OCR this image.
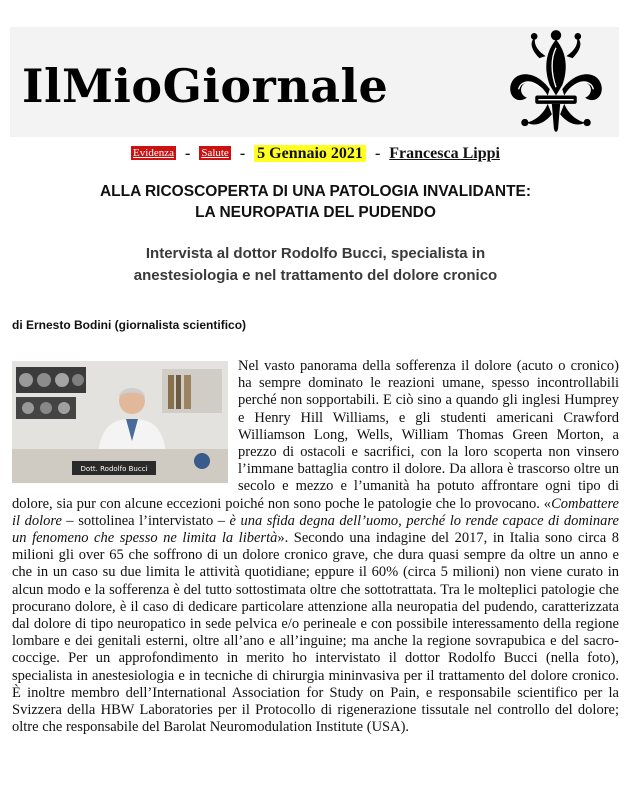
IlMioGiornale
Evidenza - Salute - 5 Gennaio 2021 - Francesca Lippi
ALLA RICOSCOPERTA DI UNA PATOLOGIA INVALIDANTE:
LA NEUROPATIA DEL PUDENDO
Intervista al dottor Rodolfo Bucci, specialista in
anestesiologia e nel trattamento del dolore cronico
di Ernesto Bodini (giornalista scientifico)
Dott. Rodolfo Bucci

Nel vasto panorama della sofferenza il dolore (acuto o cronico) ha sempre dominato le reazioni umane, spesso incontrollabili perché non sopportabili. E ciò sino a quando gli inglesi Humprey e Henry Hill Williams, e gli studenti americani Crawford Williamson Long, Wells, William Thomas Green Morton, a prezzo di ostacoli e sacrifici, con la loro scoperta non vinsero l’immane battaglia contro il dolore. Da allora è trascorso oltre un secolo e mezzo e l’umanità ha potuto affrontare ogni tipo di dolore, sia pur con alcune eccezioni poiché non sono poche le patologie che lo provocano. «Combattere il dolore – sottolinea l’intervistato – è una sfida degna dell’uomo, perché lo rende capace di dominare un fenomeno che spesso ne limita la libertà». Secondo una indagine del 2017, in Italia sono circa 8 milioni gli over 65 che soffrono di un dolore cronico grave, che dura quasi sempre da oltre un anno e che in un caso su due limita le attività quotidiane; eppure il 60% (circa 5 milioni) non viene curato in alcun modo e la sofferenza è del tutto sottostimata oltre che sottotrattata. Tra le molteplici patologie che procurano dolore, è il caso di dedicare particolare attenzione alla neuropatia del pudendo, caratterizzata dal dolore di tipo neuropatico in sede pelvica e/o perineale e con possibile interessamento della regione lombare e dei genitali esterni, oltre all’ano e all’inguine; ma anche la regione sovrapubica e del sacro-coccige. Per un approfondimento in merito ho intervistato il dottor Rodolfo Bucci (nella foto), specialista in anestesiologia e in tecniche di chirurgia mininvasiva per il trattamento del dolore cronico. È inoltre membro dell’International Association for Study on Pain, e responsabile scientifico per la Svizzera della HBW Laboratories per il Protocollo di rigenerazione tissutale nel controllo del dolore; oltre che responsabile del Barolat Neuromodulation Institute (USA).
